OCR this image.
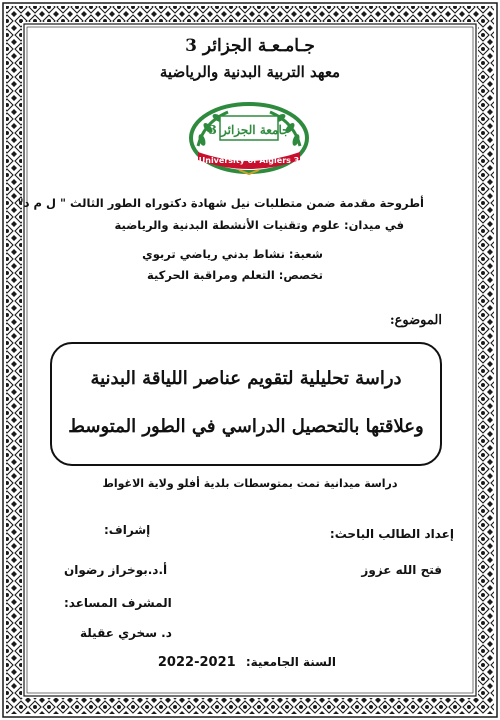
جـامـعـة الجزائر 3
معهد التربية البدنية والرياضية
جامعة الجزائر 3
University of Algiers 3
أطروحة مقدمة ضمن متطلبات نيل شهادة دكتوراه الطور الثالث " ل م د"
في ميدان: علوم وتقنيات الأنشطة البدنية والرياضية
شعبة: نشاط بدني رياضي تربوي
تخصص: التعلم ومراقبة الحركية
الموضوع:
دراسة تحليلية لتقويم عناصر اللياقة البدنية
وعلاقتها بالتحصيل الدراسي في الطور المتوسط
دراسة ميدانية تمت بمتوسطات بلدية أفلو ولاية الاغواط
إعداد الطالب الباحث:
فتح الله عزوز
إشراف:
أ.د.بوخراز رضوان
المشرف المساعد:
د. سخري عقيلة
السنة الجامعية: 2021-2022
